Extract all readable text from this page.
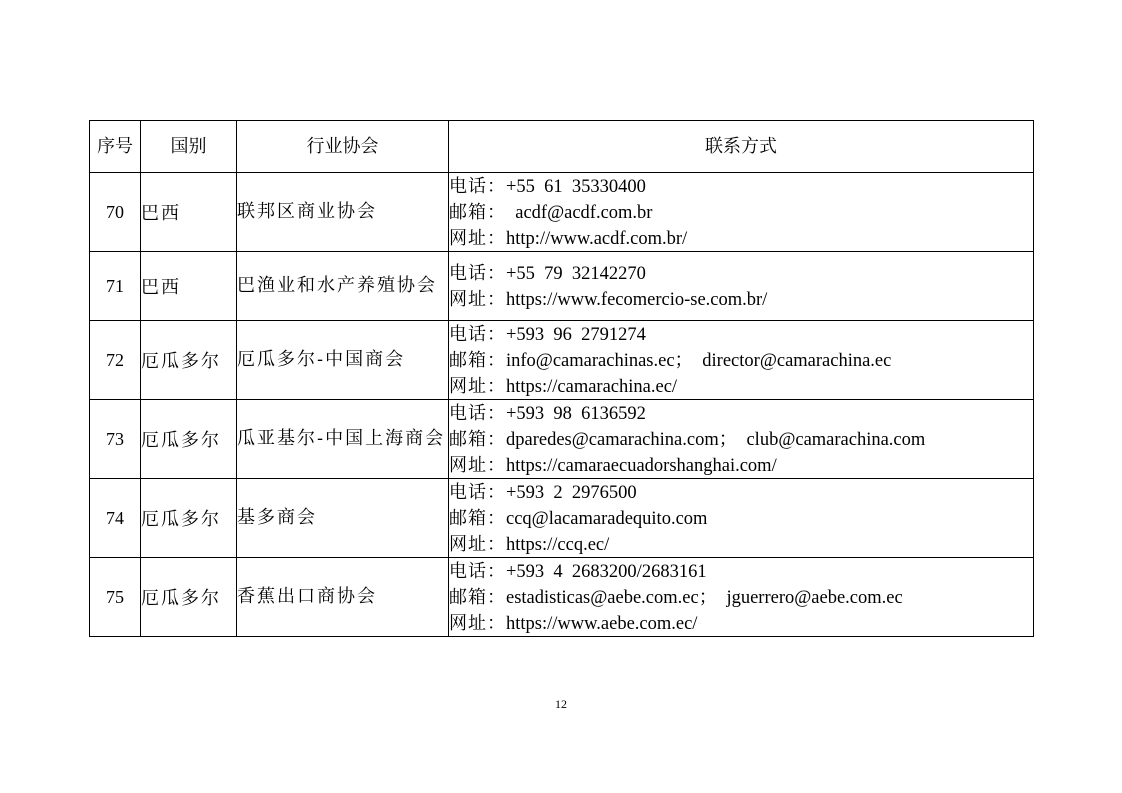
序号	国别	行业协会	联系方式
70	巴西	联邦区商业协会	电话：+55  61  35330400
邮箱：  acdf@acdf.com.br
网址：http://www.acdf.com.br/

71	巴西	巴渔业和水产养殖协会	电话：+55  79  32142270
网址：https://www.fecomercio-se.com.br/

72	厄瓜多尔	厄瓜多尔-中国商会	电话：+593  96  2791274
邮箱：info@camarachinas.ec；  director@camarachina.ec
网址：https://camarachina.ec/

73	厄瓜多尔	瓜亚基尔-中国上海商会	电话：+593  98  6136592
邮箱：dparedes@camarachina.com；  club@camarachina.com
网址：https://camaraecuadorshanghai.com/

74	厄瓜多尔	基多商会	电话：+593  2  2976500
邮箱：ccq@lacamaradequito.com
网址：https://ccq.ec/

75	厄瓜多尔	香蕉出口商协会	电话：+593  4  2683200/2683161
邮箱：estadisticas@aebe.com.ec；  jguerrero@aebe.com.ec
网址：https://www.aebe.com.ec/
12
